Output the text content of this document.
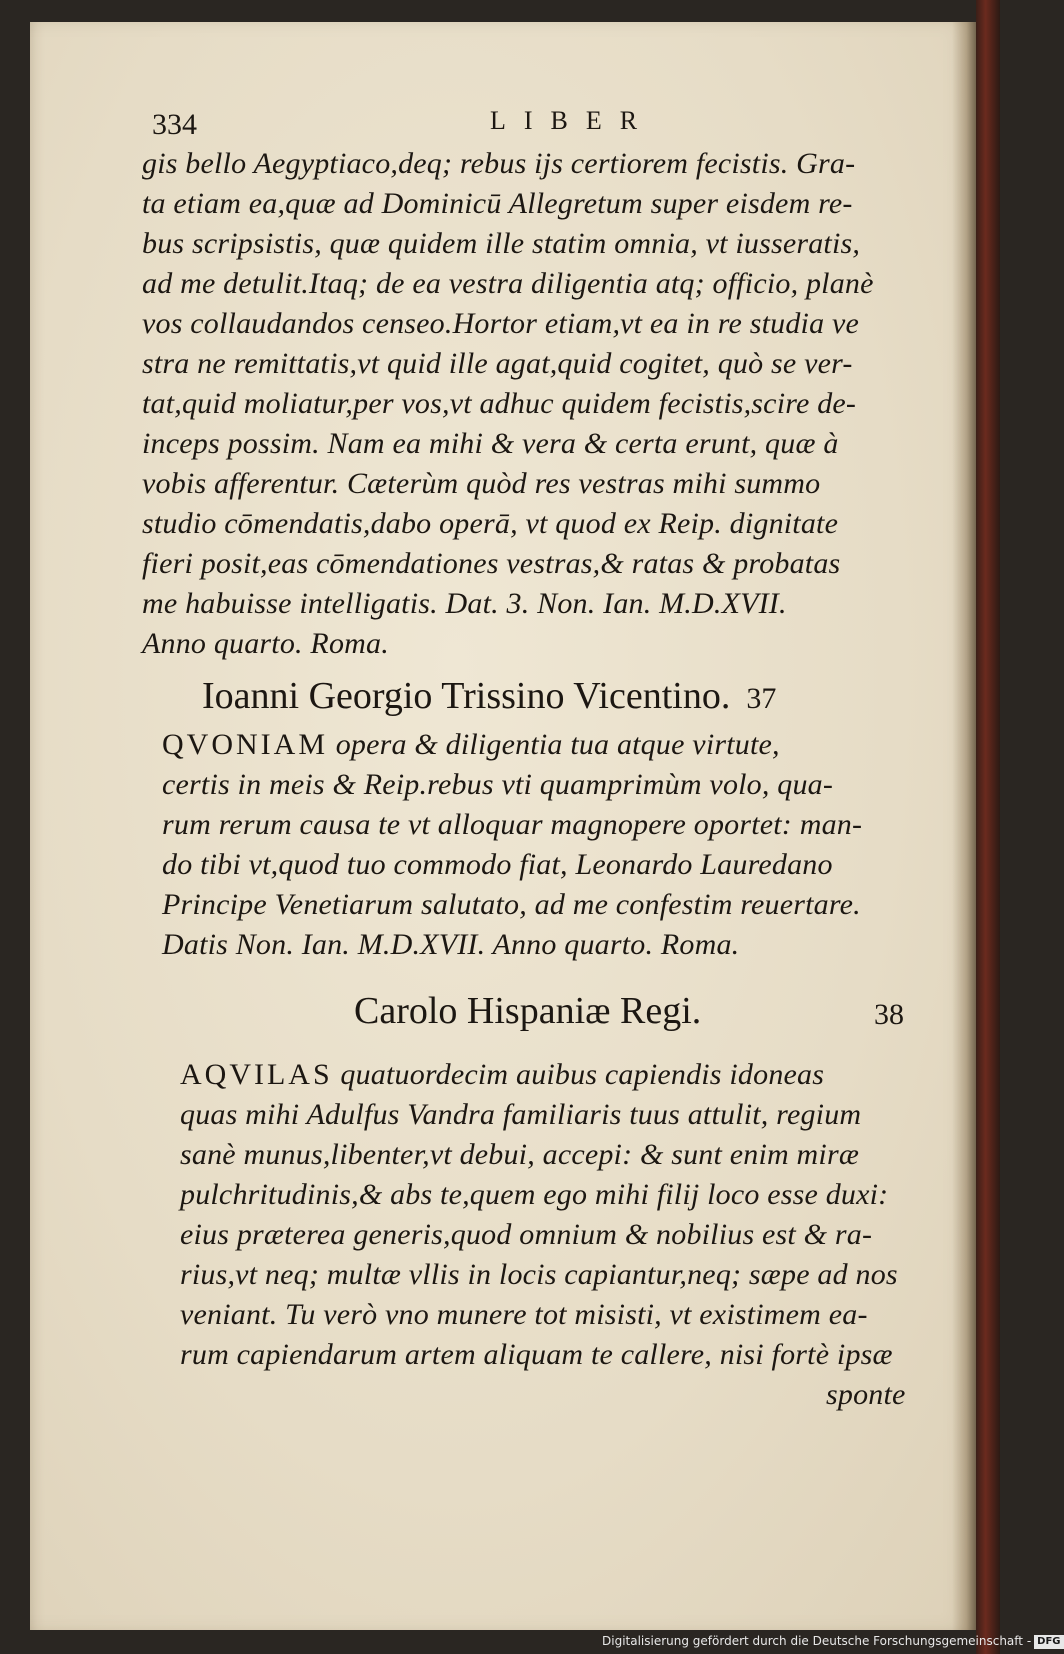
334	LIBER
gis bello Aegyptiaco,deq; rebus ijs certiorem fecistis. Gra-
ta etiam ea,quæ ad Dominicū Allegretum super eisdem re-
bus scripsistis, quæ quidem ille statim omnia, vt iusseratis,
ad me detulit.Itaq; de ea vestra diligentia atq; officio, planè
vos collaudandos censeo.Hortor etiam,vt ea in re studia ve
stra ne remittatis,vt quid ille agat,quid cogitet, quò se ver-
tat,quid moliatur,per vos,vt adhuc quidem fecistis,scire de-
inceps possim. Nam ea mihi & vera & certa erunt, quæ à
vobis afferentur. Cæterùm quòd res vestras mihi summo
studio cōmendatis,dabo operā, vt quod ex Reip. dignitate
fieri posit,eas cōmendationes vestras,& ratas & probatas
me habuisse intelligatis. Dat. 3. Non. Ian. M.D.XVII.
Anno quarto. Roma.
Ioanni Georgio Trissino Vicentino. 37
QVONIAM opera & diligentia tua atque virtute,
certis in meis & Reip.rebus vti quamprimùm volo, qua-
rum rerum causa te vt alloquar magnopere oportet: man-
do tibi vt,quod tuo commodo fiat, Leonardo Lauredano
Principe Venetiarum salutato, ad me confestim reuertare.
Datis Non. Ian. M.D.XVII. Anno quarto. Roma.
Carolo Hispaniæ Regi.	38
AQVILAS quatuordecim auibus capiendis idoneas
quas mihi Adulfus Vandra familiaris tuus attulit, regium
sanè munus,libenter,vt debui, accepi: & sunt enim miræ
pulchritudinis,& abs te,quem ego mihi filij loco esse duxi:
eius præterea generis,quod omnium & nobilius est & ra-
rius,vt neq; multæ vllis in locis capiantur,neq; sæpe ad nos
veniant. Tu verò vno munere tot misisti, vt existimem ea-
rum capiendarum artem aliquam te callere, nisi fortè ipsæ
sponte
Digitalisierung gefördert durch die Deutsche Forschungsgemeinschaft - DFG
